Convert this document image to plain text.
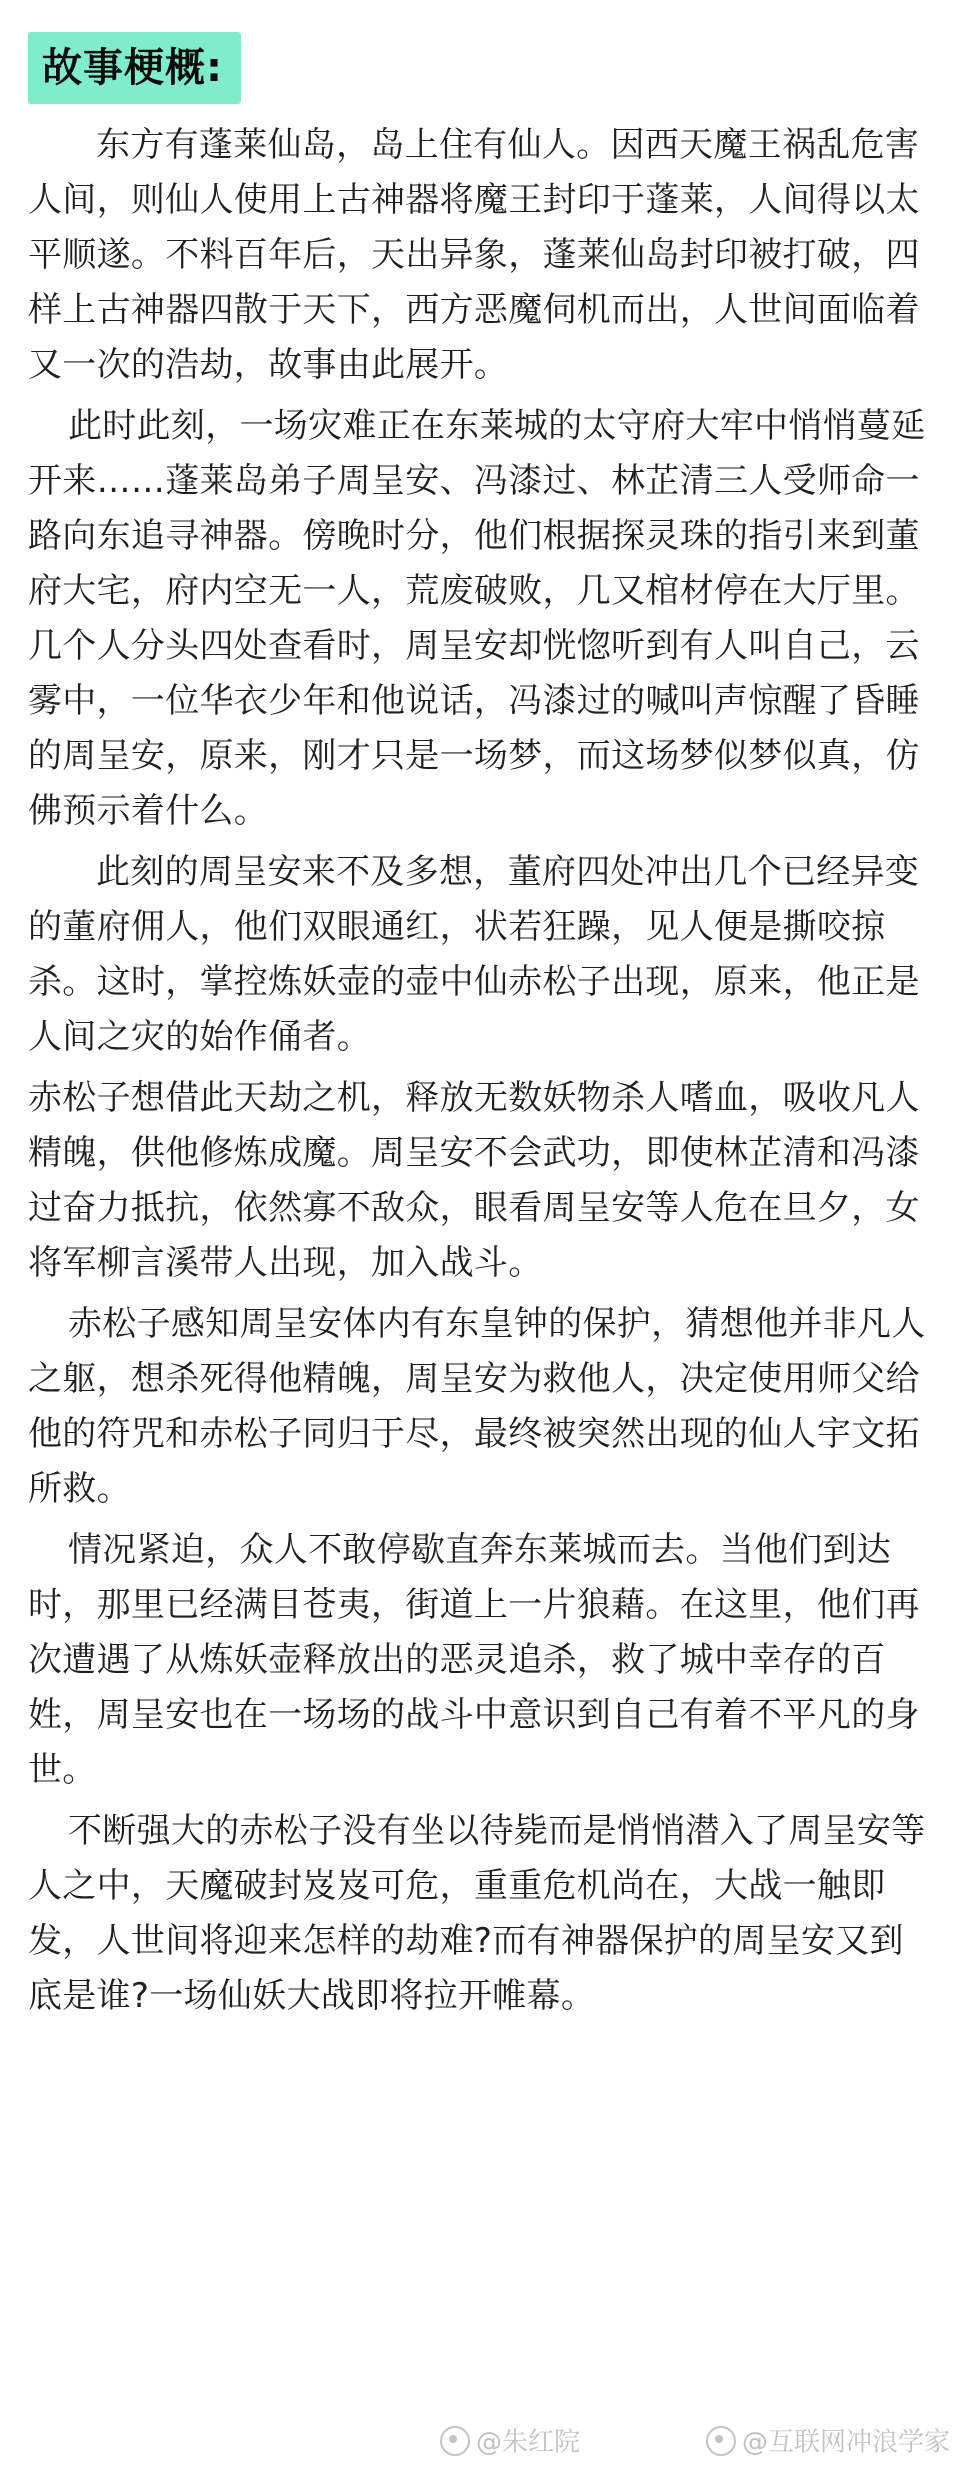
故事梗概:

东方有蓬莱仙岛，岛上住有仙人。因西天魔王祸乱危害人间，则仙人使用上古神器将魔王封印于蓬莱，人间得以太平顺遂。不料百年后，天出异象，蓬莱仙岛封印被打破，四样上古神器四散于天下，西方恶魔伺机而出，人世间面临着又一次的浩劫，故事由此展开。

此时此刻，一场灾难正在东莱城的太守府大牢中悄悄蔓延开来……蓬莱岛弟子周呈安、冯漆过、林芷清三人受师命一路向东追寻神器。傍晚时分，他们根据探灵珠的指引来到董府大宅，府内空无一人，荒废破败，几又棺材停在大厅里。几个人分头四处查看时，周呈安却恍惚听到有人叫自己，云雾中，一位华衣少年和他说话，冯漆过的喊叫声惊醒了昏睡的周呈安，原来，刚才只是一场梦，而这场梦似梦似真，仿佛预示着什么。

此刻的周呈安来不及多想，董府四处冲出几个已经异变的董府佣人，他们双眼通红，状若狂躁，见人便是撕咬掠杀。这时，掌控炼妖壶的壶中仙赤松子出现，原来，他正是人间之灾的始作俑者。

赤松子想借此天劫之机，释放无数妖物杀人嗜血，吸收凡人精魄，供他修炼成魔。周呈安不会武功，即使林芷清和冯漆过奋力抵抗，依然寡不敌众，眼看周呈安等人危在旦夕，女将军柳言溪带人出现，加入战斗。

赤松子感知周呈安体内有东皇钟的保护，猜想他并非凡人之躯，想杀死得他精魄，周呈安为救他人，决定使用师父给他的符咒和赤松子同归于尽，最终被突然出现的仙人宇文拓所救。

情况紧迫，众人不敢停歇直奔东莱城而去。当他们到达时，那里已经满目苍夷，街道上一片狼藉。在这里，他们再次遭遇了从炼妖壶释放出的恶灵追杀，救了城中幸存的百姓，周呈安也在一场场的战斗中意识到自己有着不平凡的身世。

不断强大的赤松子没有坐以待毙而是悄悄潜入了周呈安等人之中，天魔破封岌岌可危，重重危机尚在，大战一触即发，人世间将迎来怎样的劫难?而有神器保护的周呈安又到底是谁?一场仙妖大战即将拉开帷幕。

@朱红院	@互联网冲浪学家
